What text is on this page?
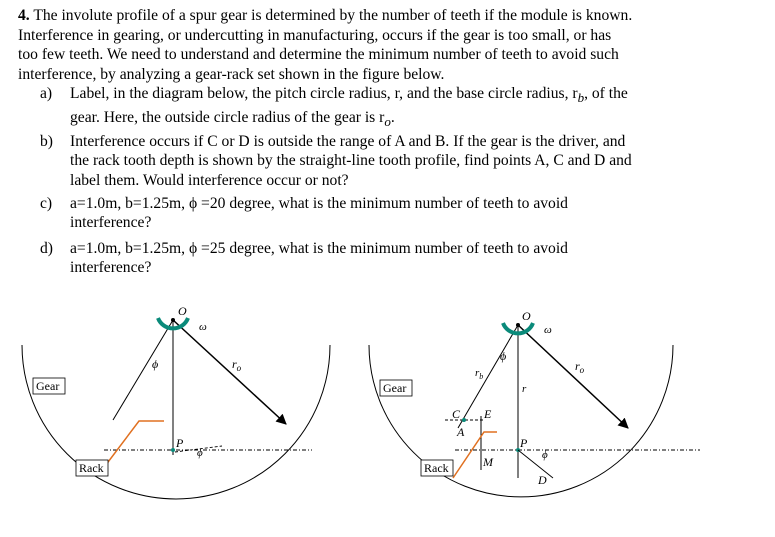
4. The involute profile of a spur gear is determined by the number of teeth if the module is known.
Interference in gearing, or undercutting in manufacturing, occurs if the gear is too small, or has
too few teeth. We need to understand and determine the minimum number of teeth to avoid such
interference, by analyzing a gear-rack set shown in the figure below.

a)	Label, in the diagram below, the pitch circle radius, r, and the base circle radius, $r_b$, of the
gear. Here, the outside circle radius of the gear is $r_o$.
b)	Interference occurs if C or D is outside the range of A and B. If the gear is the driver, and
the rack tooth depth is shown by the straight-line tooth profile, find points A, C and D and
label them. Would interference occur or not?
c)	a=1.0m, b=1.25m, ϕ =20 degree, what is the minimum number of teeth to avoid
interference?
d)	a=1.0m, b=1.25m, ϕ =25 degree, what is the minimum number of teeth to avoid
interference?
Gear
O
ω
ϕ	$r_o$
P
ϕ
Rack
Gear
O
ω
ϕ
$r_b$
r
$r_o$
P
C
A
E
M	ϕ
D
Rack
